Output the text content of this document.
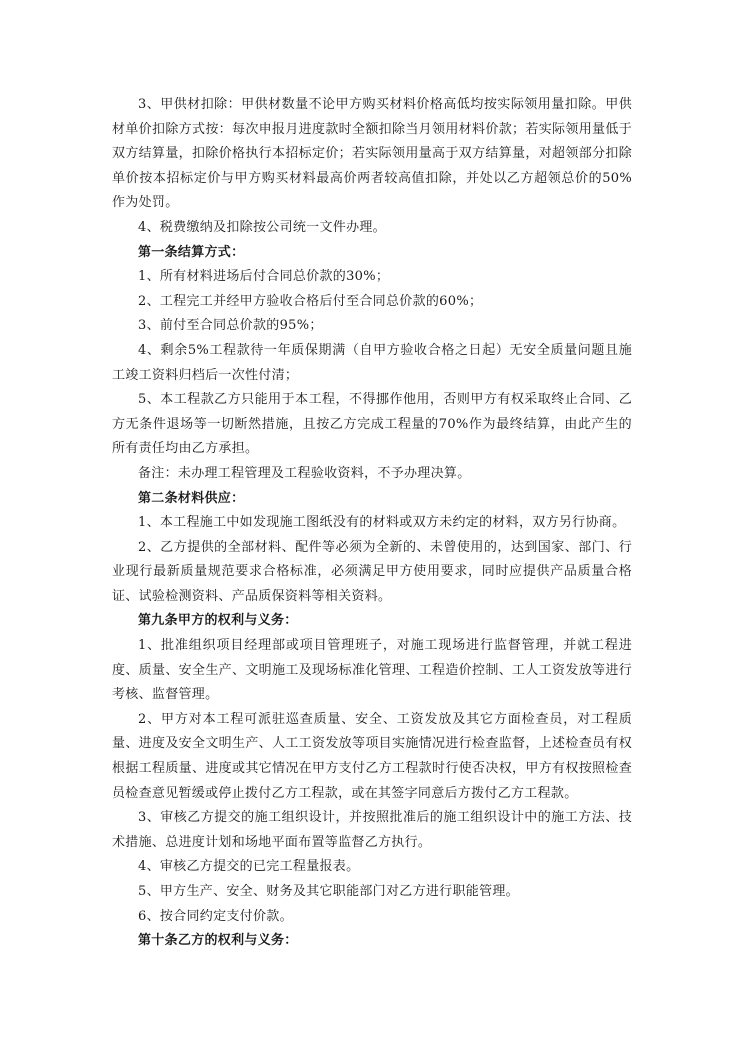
3、甲供材扣除：甲供材数量不论甲方购买材料价格高低均按实际领用量扣除。甲供材单价扣除方式按：每次申报月进度款时全额扣除当月领用材料价款；若实际领用量低于双方结算量，扣除价格执行本招标定价；若实际领用量高于双方结算量，对超领部分扣除单价按本招标定价与甲方购买材料最高价两者较高值扣除，并处以乙方超领总价的50%作为处罚。

4、税费缴纳及扣除按公司统一文件办理。

第一条结算方式：

1、所有材料进场后付合同总价款的30%；

2、工程完工并经甲方验收合格后付至合同总价款的60%；

3、前付至合同总价款的95%；

4、剩余5%工程款待一年质保期满（自甲方验收合格之日起）无安全质量问题且施工竣工资料归档后一次性付清；

5、本工程款乙方只能用于本工程，不得挪作他用，否则甲方有权采取终止合同、乙方无条件退场等一切断然措施，且按乙方完成工程量的70%作为最终结算，由此产生的所有责任均由乙方承担。

备注：未办理工程管理及工程验收资料，不予办理决算。

第二条材料供应：

1、本工程施工中如发现施工图纸没有的材料或双方未约定的材料，双方另行协商。

2、乙方提供的全部材料、配件等必须为全新的、未曾使用的，达到国家、部门、行业现行最新质量规范要求合格标准，必须满足甲方使用要求，同时应提供产品质量合格证、试验检测资料、产品质保资料等相关资料。

第九条甲方的权利与义务：

1、批准组织项目经理部或项目管理班子，对施工现场进行监督管理，并就工程进度、质量、安全生产、文明施工及现场标准化管理、工程造价控制、工人工资发放等进行考核、监督管理。

2、甲方对本工程可派驻巡查质量、安全、工资发放及其它方面检查员，对工程质量、进度及安全文明生产、人工工资发放等项目实施情况进行检查监督，上述检查员有权根据工程质量、进度或其它情况在甲方支付乙方工程款时行使否决权，甲方有权按照检查员检查意见暂缓或停止拨付乙方工程款，或在其签字同意后方拨付乙方工程款。

3、审核乙方提交的施工组织设计，并按照批准后的施工组织设计中的施工方法、技术措施、总进度计划和场地平面布置等监督乙方执行。

4、审核乙方提交的已完工程量报表。

5、甲方生产、安全、财务及其它职能部门对乙方进行职能管理。

6、按合同约定支付价款。

第十条乙方的权利与义务：
